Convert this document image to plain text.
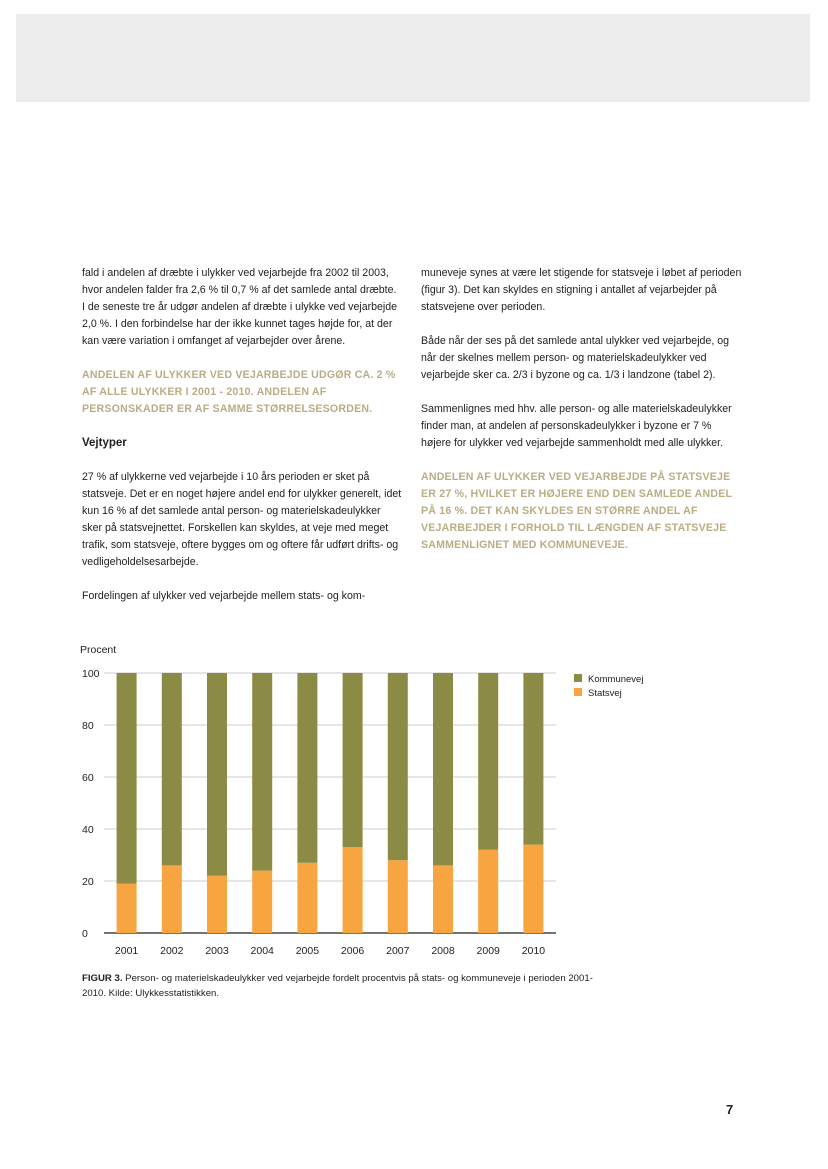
fald i andelen af dræbte i ulykker ved vejarbejde fra 2002 til 2003, hvor andelen falder fra 2,6 % til 0,7 % af det samlede antal dræbte. I de seneste tre år udgør andelen af dræbte i ulykke ved vejarbejde 2,0 %. I den forbindelse har der ikke kunnet tages højde for, at der kan være variation i omfanget af vejarbejder over årene.

ANDELEN AF ULYKKER VED VEJARBEJDE UDGØR CA. 2 % AF ALLE ULYKKER I 2001 - 2010. ANDELEN AF PERSONSKADER ER AF SAMME STØRRELSESORDEN.

Vejtyper

27 % af ulykkerne ved vejarbejde i 10 års perioden er sket på statsveje. Det er en noget højere andel end for ulykker generelt, idet kun 16 % af det samlede antal person- og materielskadeulykker sker på statsvejnettet. Forskellen kan skyldes, at veje med meget trafik, som statsveje, oftere bygges om og oftere får udført drifts- og vedligeholdelsesarbejde.

Fordelingen af ulykker ved vejarbejde mellem stats- og kom-

muneveje synes at være let stigende for statsveje i løbet af perioden (figur 3). Det kan skyldes en stigning i antallet af vejarbejder på statsvejene over perioden.

Både når der ses på det samlede antal ulykker ved vejarbejde, og når der skelnes mellem person- og materielskadeulykker ved vejarbejde sker ca. 2/3 i byzone og ca. 1/3 i landzone (tabel 2).

Sammenlignes med hhv. alle person- og alle materielskadeulykker finder man, at andelen af personskadeulykker i byzone er 7 % højere for ulykker ved vejarbejde sammenholdt med alle ulykker.

ANDELEN AF ULYKKER VED VEJARBEJDE PÅ STATSVEJE ER 27 %, HVILKET ER HØJERE END DEN SAMLEDE ANDEL PÅ 16 %. DET KAN SKYLDES EN STØRRE ANDEL AF VEJARBEJDER I FORHOLD TIL LÆNGDEN AF STATSVEJE SAMMENLIGNET MED KOMMUNEVEJE.

Procent
0
20
40
60
80
100
2001 2002 2003 2004 2005 2006 2007 2008 2009 2010
Kommunevej
Statsvej
FIGUR 3. Person- og materielskadeulykker ved vejarbejde fordelt procentvis på stats- og kommuneveje i perioden 2001-2010. Kilde: Ulykkesstatistikken.
7
